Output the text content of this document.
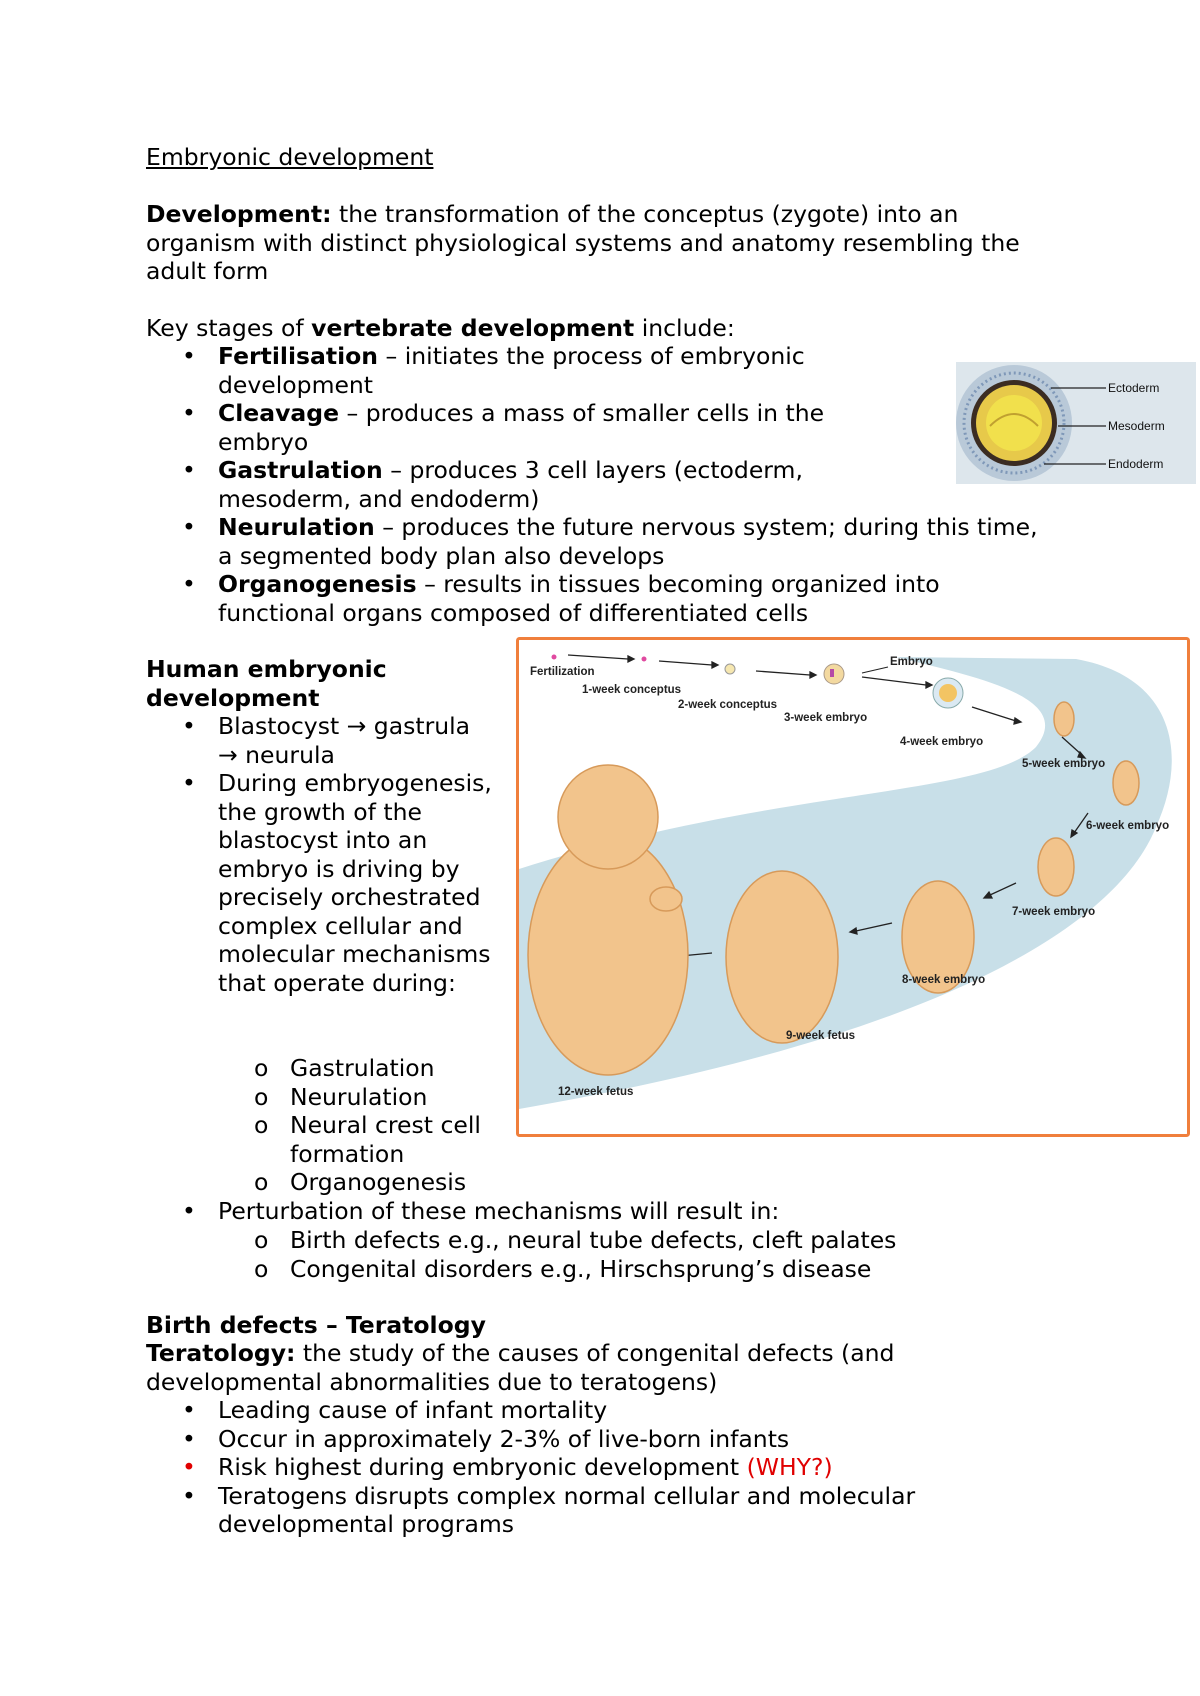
Embryonic development

Development: the transformation of the conceptus (zygote) into an organism with distinct physiological systems and anatomy resembling the adult form

Key stages of vertebrate development include:

• Fertilisation – initiates the process of embryonic development
• Cleavage – produces a mass of smaller cells in the embryo
• Gastrulation – produces 3 cell layers (ectoderm, mesoderm, and endoderm)
• Neurulation – produces the future nervous system; during this time, a segmented body plan also develops
• Organogenesis – results in tissues becoming organized into functional organs composed of differentiated cells
Ectoderm
Mesoderm
Endoderm

Human embryonic development

• Blastocyst → gastrula → neurula
• During embryogenesis, the growth of the blastocyst into an embryo is driving by precisely orchestrated complex cellular and molecular mechanisms that operate during:
o Gastrulation
o Neurulation
o Neural crest cell formation
o Organogenesis
• Perturbation of these mechanisms will result in:
o Birth defects e.g., neural tube defects, cleft palates
o Congenital disorders e.g., Hirschsprung’s disease
Fertilization
1-week conceptus
2-week conceptus
Embryo
3-week embryo
4-week embryo
5-week embryo
6-week embryo
7-week embryo
8-week embryo
9-week fetus
12-week fetus

Birth defects – Teratology

Teratology: the study of the causes of congenital defects (and developmental abnormalities due to teratogens)

• Leading cause of infant mortality
• Occur in approximately 2-3% of live-born infants
• Risk highest during embryonic development (WHY?)
• Teratogens disrupts complex normal cellular and molecular developmental programs
